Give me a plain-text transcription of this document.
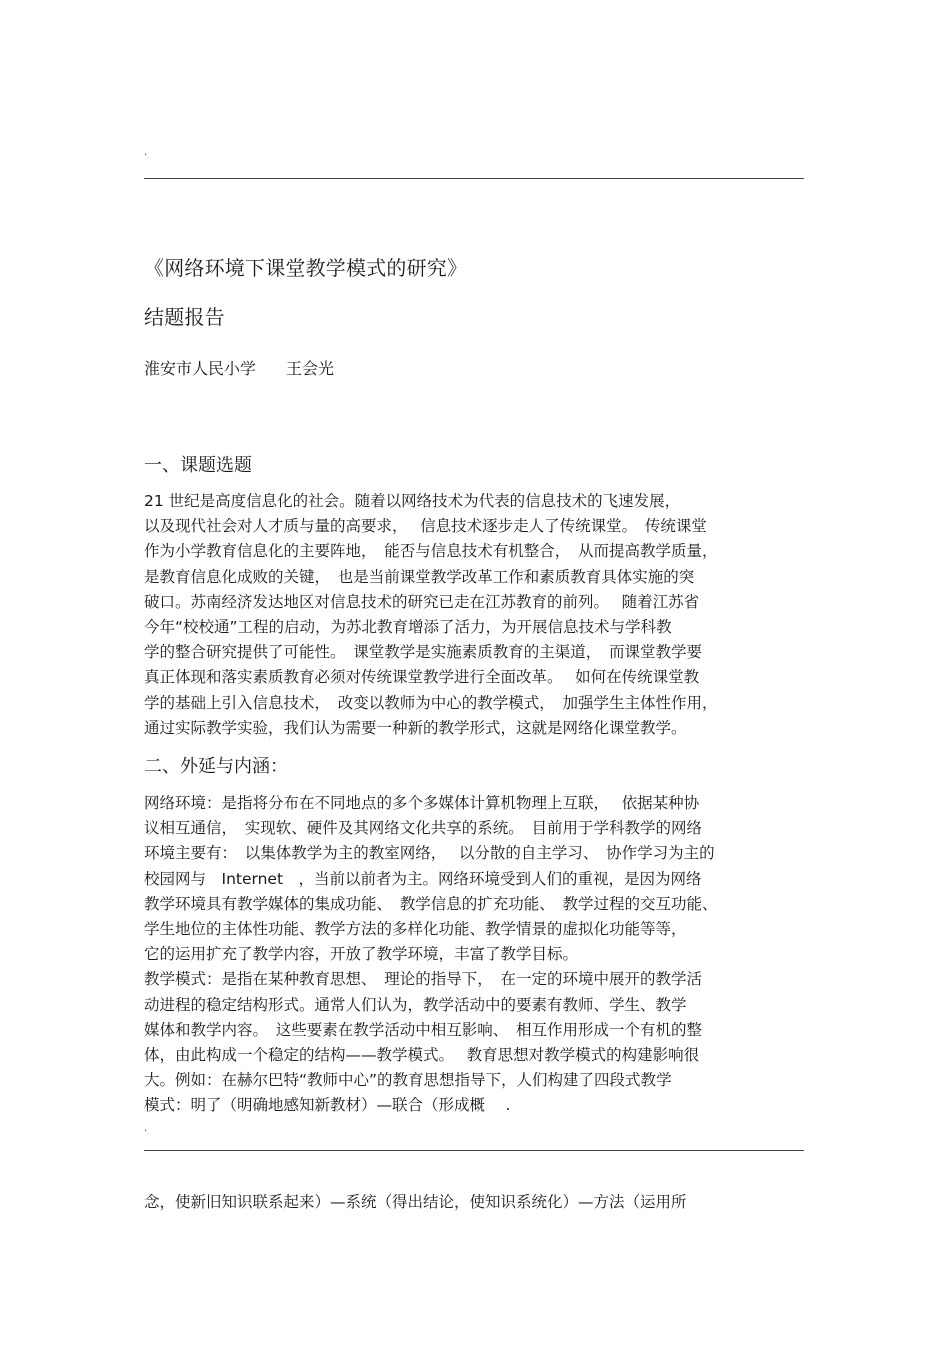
.
《网络环境下课堂教学模式的研究》
结题报告
淮安市人民小学 王会光
一、课题选题
21 世纪是高度信息化的社会。随着以网络技术为代表的信息技术的飞速发展，
以及现代社会对人才质与量的高要求，　 信息技术逐步走人了传统课堂。　传统课堂
作为小学教育信息化的主要阵地，　能否与信息技术有机整合，　从而提高教学质量，
是教育信息化成败的关键，　也是当前课堂教学改革工作和素质教育具体实施的突
破口。苏南经济发达地区对信息技术的研究已走在江苏教育的前列。　 随着江苏省
今年“校校通”工程的启动，为苏北教育增添了活力，为开展信息技术与学科教
学的整合研究提供了可能性。　课堂教学是实施素质教育的主渠道，　而课堂教学要
真正体现和落实素质教育必须对传统课堂教学进行全面改革。　 如何在传统课堂教
学的基础上引入信息技术，　改变以教师为中心的教学模式，　加强学生主体性作用，
通过实际教学实验，我们认为需要一种新的教学形式，这就是网络化课堂教学。
二、外延与内涵：
网络环境：是指将分布在不同地点的多个多媒体计算机物理上互联，　 依据某种协
议相互通信，　实现软、硬件及其网络文化共享的系统。　目前用于学科教学的网络
环境主要有：　以集体教学为主的教室网络，　 以分散的自主学习、　协作学习为主的
校园网与　Internet　，当前以前者为主。网络环境受到人们的重视，是因为网络
教学环境具有教学媒体的集成功能、　教学信息的扩充功能、　教学过程的交互功能、
学生地位的主体性功能、教学方法的多样化功能、教学情景的虚拟化功能等等，
它的运用扩充了教学内容，开放了教学环境，丰富了教学目标。
教学模式：是指在某种教育思想、　理论的指导下，　在一定的环境中展开的教学活
动进程的稳定结构形式。通常人们认为，教学活动中的要素有教师、学生、教学
媒体和教学内容。　这些要素在教学活动中相互影响、　相互作用形成一个有机的整
体，由此构成一个稳定的结构——教学模式。　 教育思想对教学模式的构建影响很
大。例如：在赫尔巴特“教师中心”的教育思想指导下，人们构建了四段式教学
模式：明了（明确地感知新教材）—联合（形成概　 .
.
念，使新旧知识联系起来）—系统（得出结论，使知识系统化）—方法（运用所
